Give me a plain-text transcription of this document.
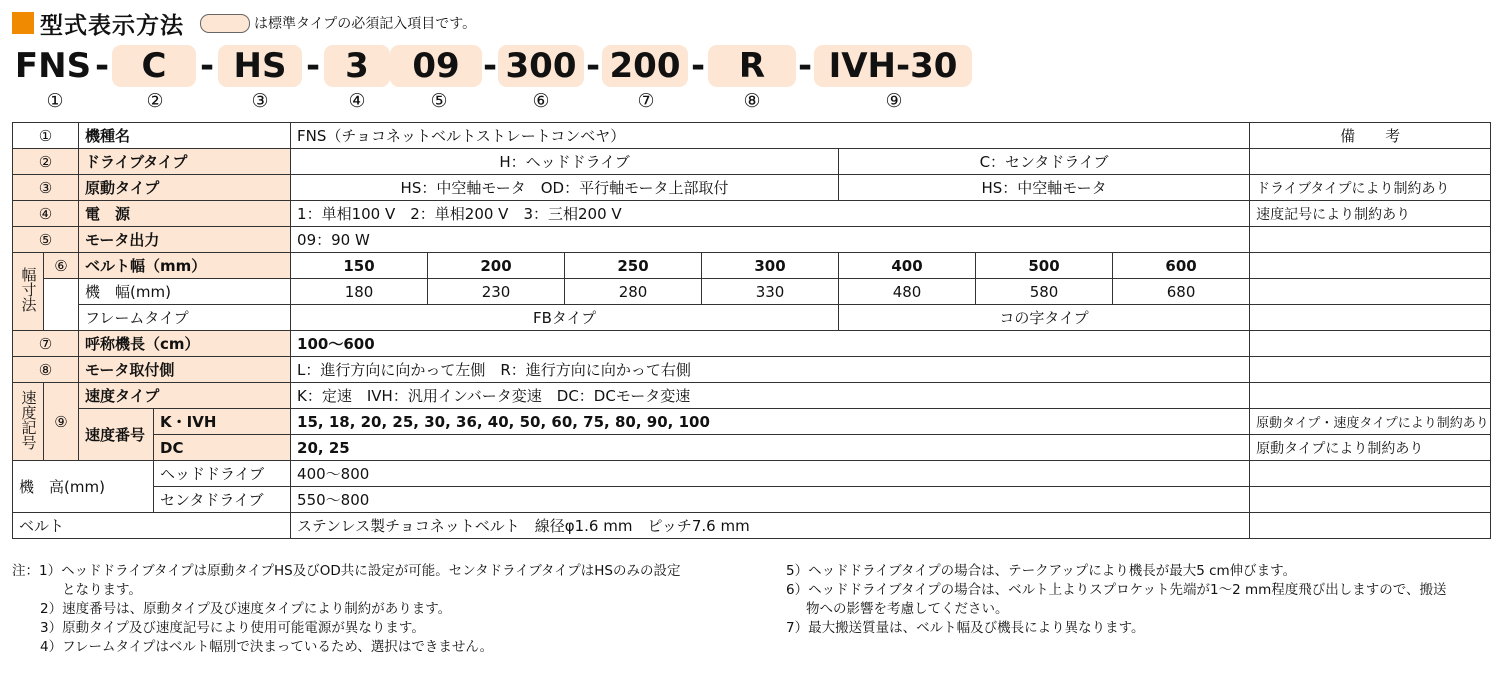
型式表示方法	は標準タイプの必須記入項目です。
FNS - C - HS - 3	09 - 300 - 200 - R - IVH-30
①	②	③	④	⑤	⑥	⑦	⑧	⑨
①		機種名		FNS（チョコネットベルトストレートコンベヤ）							備　　考
②		ドライブタイプ		H：ヘッドドライブ				C：センタドライブ			
③		原動タイプ		HS：中空軸モータ　OD：平行軸モータ上部取付				HS：中空軸モータ			ドライブタイプにより制約あり
④		電　源		1：単相100 V　2：単相200 V　3：三相200 V							速度記号により制約あり
⑤		モータ出力		09：90 W							
幅寸法	⑥	ベルト幅（mm）		150	200	250	300	400	500	600	
		機　幅(mm)		180	230	280	330	480	580	680	
		フレームタイプ		FBタイプ				コの字タイプ			
⑦		呼称機長（cm）		100～600							
⑧		モータ取付側		L：進行方向に向かって左側　R：進行方向に向かって右側							
速度記号	⑨	速度タイプ		K：定速　IVH：汎用インバータ変速　DC：DCモータ変速							
		速度番号	K・IVH	15, 18, 20, 25, 30, 36, 40, 50, 60, 75, 80, 90, 100							原動タイプ・速度タイプにより制約あり
			DC	20, 25							原動タイプにより制約あり
機　高(mm)			ヘッドドライブ	400～800							
			センタドライブ	550～800							
ベルト				ステンレス製チョコネットベルト　線径φ1.6 mm　ピッチ7.6 mm							
注：1）ヘッドドライブタイプは原動タイプHS及びOD共に設定が可能。センタドライブタイプはHSのみの設定
となります。
2）速度番号は、原動タイプ及び速度タイプにより制約があります。
3）原動タイプ及び速度記号により使用可能電源が異なります。
4）フレームタイプはベルト幅別で決まっているため、選択はできません。
5）ヘッドドライブタイプの場合は、テークアップにより機長が最大5 cm伸びます。
6）ヘッドドライブタイプの場合は、ベルト上よりスプロケット先端が1～2 mm程度飛び出しますので、搬送
物への影響を考慮してください。
7）最大搬送質量は、ベルト幅及び機長により異なります。
